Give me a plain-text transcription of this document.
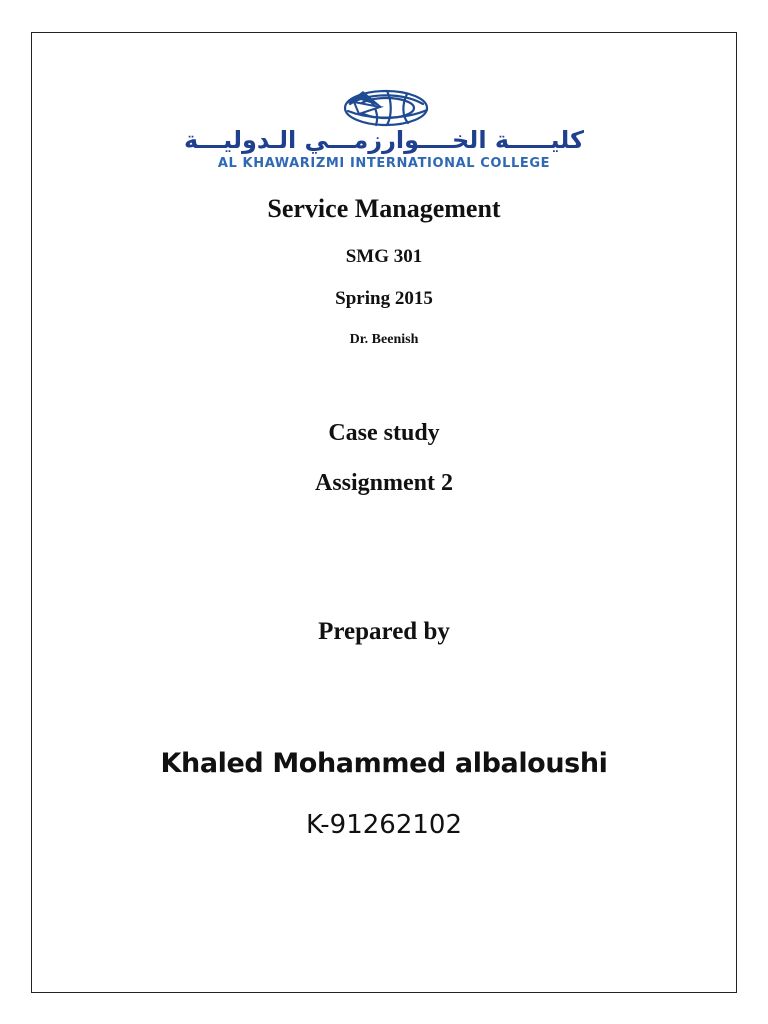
كليـــــة الخــــوارزمـــي الـدوليـــة
AL KHAWARIZMI INTERNATIONAL COLLEGE
Service Management
SMG 301
Spring 2015
Dr. Beenish
Case study
Assignment 2
Prepared by
Khaled Mohammed albaloushi
K-91262102
